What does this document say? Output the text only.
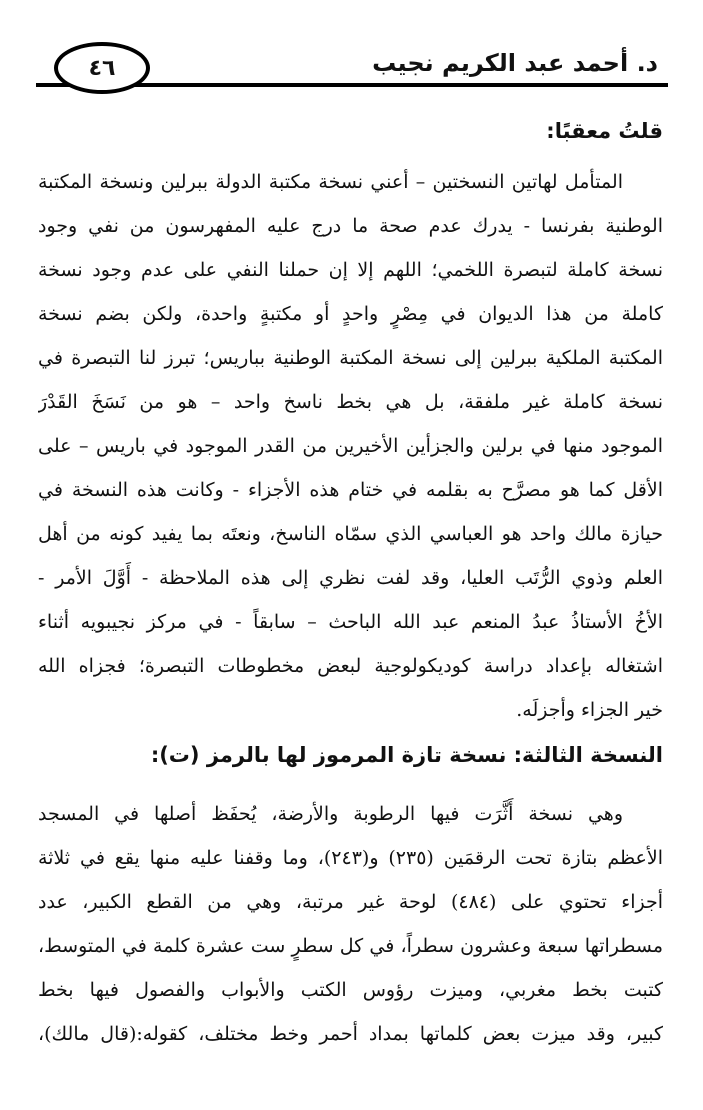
د. أحمد عبد الكريم نجيب
٤٦
قلتُ معقبًا:
المتأمل لهاتين النسختين – أعني نسخة مكتبة الدولة ببرلين ونسخة المكتبة
الوطنية بفرنسا - يدرك عدم صحة ما درج عليه المفهرسون من نفي وجود
نسخة كاملة لتبصرة اللخمي؛ اللهم إلا إن حملنا النفي على عدم وجود نسخة
كاملة من هذا الديوان في مِصْرٍ واحدٍ أو مكتبةٍ واحدة، ولكن بضم نسخة
المكتبة الملكية ببرلين إلى نسخة المكتبة الوطنية بباريس؛ تبرز لنا التبصرة في
نسخة كاملة غير ملفقة، بل هي بخط ناسخ واحد – هو من نَسَخَ القَدْرَ
الموجود منها في برلين والجزأين الأخيرين من القدر الموجود في باريس – على
الأقل كما هو مصرَّح به بقلمه في ختام هذه الأجزاء - وكانت هذه النسخة في
حيازة مالك واحد هو العباسي الذي سمّاه الناسخ، ونعتَه بما يفيد كونه من أهل
العلم وذوي الرُّتَب العليا، وقد لفت نظري إلى هذه الملاحظة - أَوَّلَ الأمر -
الأخُ الأستاذُ عبدُ المنعم عبد الله الباحث – سابقاً - في مركز نجيبويه أثناء
اشتغاله بإعداد دراسة كوديكولوجية لبعض مخطوطات التبصرة؛ فجزاه الله
خير الجزاء وأجزلَه.
النسخة الثالثة: نسخة تازة المرموز لها بالرمز (ت):
وهي نسخة أَثَّرَت فيها الرطوبة والأرضة، يُحفَظ أصلها في المسجد
الأعظم بتازة تحت الرقمَين (٢٣٥) و(٢٤٣)، وما وقفنا عليه منها يقع في ثلاثة
أجزاء تحتوي على (٤٨٤) لوحة غير مرتبة، وهي من القطع الكبير، عدد
مسطراتها سبعة وعشرون سطراً، في كل سطرٍ ست عشرة كلمة في المتوسط،
كتبت بخط مغربي، وميزت رؤوس الكتب والأبواب والفصول فيها بخط
كبير، وقد ميزت بعض كلماتها بمداد أحمر وخط مختلف، كقوله:(قال مالك)،
